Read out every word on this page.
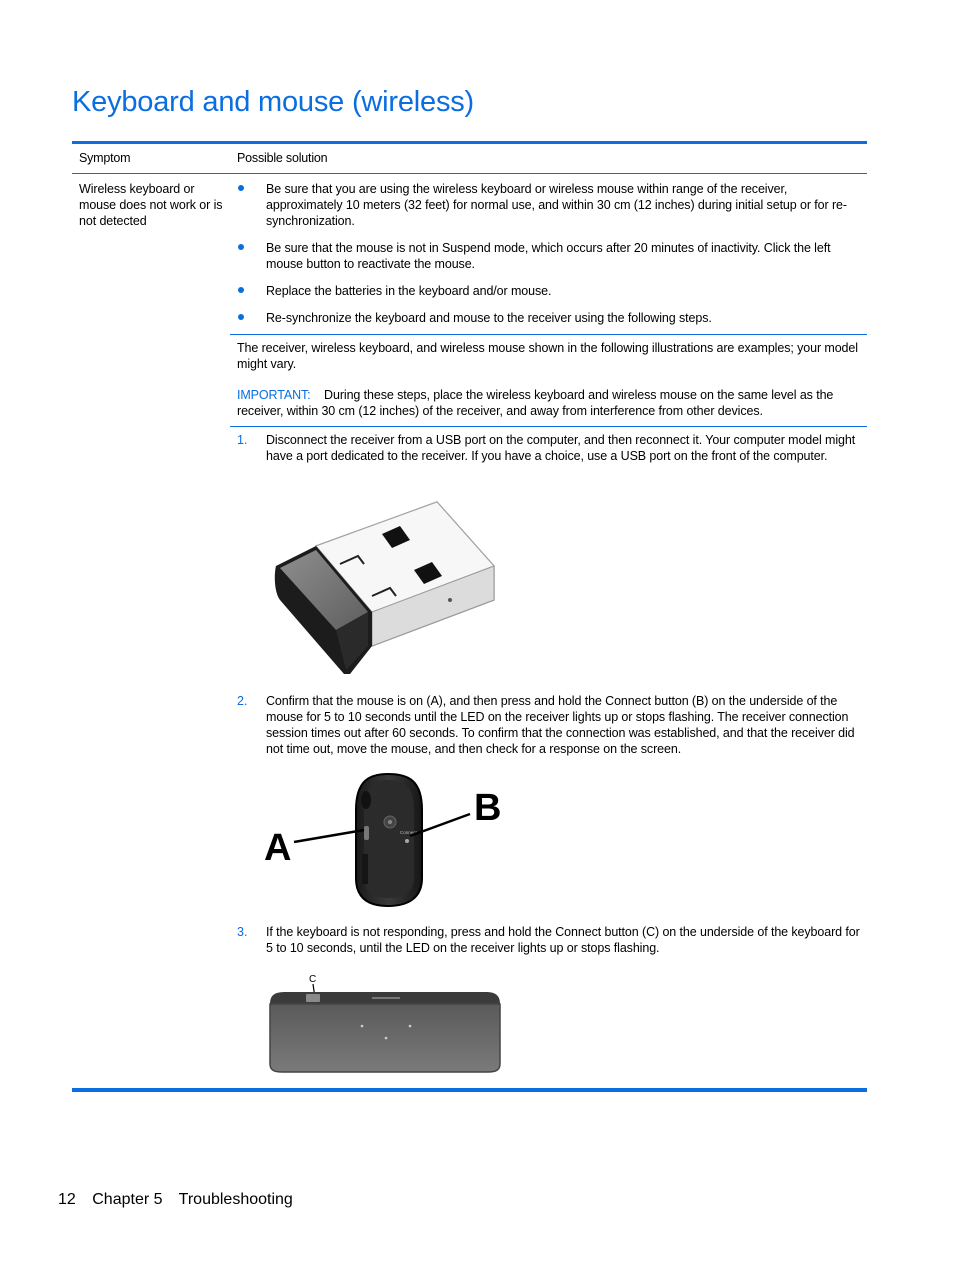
Keyboard and mouse (wireless)
Symptom	Possible solution
Wireless keyboard or mouse does not work or is not detected
Be sure that you are using the wireless keyboard or wireless mouse within range of the receiver, approximately 10 meters (32 feet) for normal use, and within 30 cm (12 inches) during initial setup or for re-synchronization.
Be sure that the mouse is not in Suspend mode, which occurs after 20 minutes of inactivity. Click the left mouse button to reactivate the mouse.
Replace the batteries in the keyboard and/or mouse.
Re-synchronize the keyboard and mouse to the receiver using the following steps.
The receiver, wireless keyboard, and wireless mouse shown in the following illustrations are examples; your model might vary.
IMPORTANT: During these steps, place the wireless keyboard and wireless mouse on the same level as the receiver, within 30 cm (12 inches) of the receiver, and away from interference from other devices.
1. Disconnect the receiver from a USB port on the computer, and then reconnect it. Your computer model might have a port dedicated to the receiver. If you have a choice, use a USB port on the front of the computer.
2. Confirm that the mouse is on (A), and then press and hold the Connect button (B) on the underside of the mouse for 5 to 10 seconds until the LED on the receiver lights up or stops flashing. The receiver connection session times out after 60 seconds. To confirm that the connection was established, and that the receiver did not time out, move the mouse, and then check for a response on the screen.
Connect
A
B
3. If the keyboard is not responding, press and hold the Connect button (C) on the underside of the keyboard for 5 to 10 seconds, until the LED on the receiver lights up or stops flashing.
C
12 Chapter 5 Troubleshooting
